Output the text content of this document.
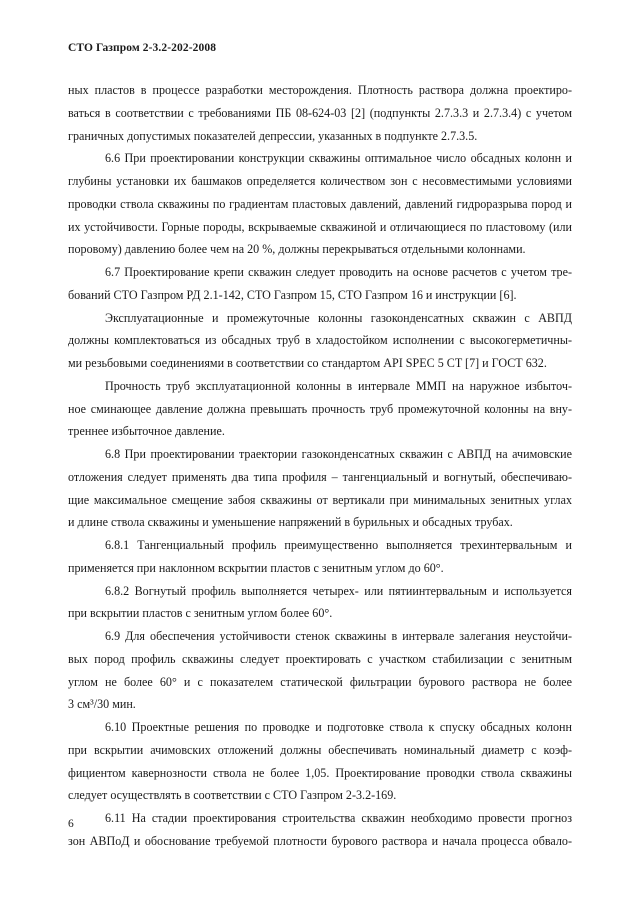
СТО Газпром 2-3.2-202-2008
ных пластов в процессе разработки месторождения. Плотность раствора должна проектиро-
ваться в соответствии с требованиями ПБ 08-624-03 [2] (подпункты 2.7.3.3 и 2.7.3.4) с учетом
граничных допустимых показателей депрессии, указанных в подпункте 2.7.3.5.
6.6 При проектировании конструкции скважины оптимальное число обсадных колонн и
глубины установки их башмаков определяется количеством зон с несовместимыми условиями
проводки ствола скважины по градиентам пластовых давлений, давлений гидроразрыва пород и
их устойчивости. Горные породы, вскрываемые скважиной и отличающиеся по пластовому (или
поровому) давлению более чем на 20 %, должны перекрываться отдельными колоннами.
6.7 Проектирование крепи скважин следует проводить на основе расчетов с учетом тре-
бований СТО Газпром РД 2.1-142, СТО Газпром 15, СТО Газпром 16 и инструкции [6].
Эксплуатационные и промежуточные колонны газоконденсатных скважин с АВПД
должны комплектоваться из обсадных труб в хладостойком исполнении с высокогерметичны-
ми резьбовыми соединениями в соответствии со стандартом API SPEC 5 CT [7] и ГОСТ 632.
Прочность труб эксплуатационной колонны в интервале ММП на наружное избыточ-
ное сминающее давление должна превышать прочность труб промежуточной колонны на вну-
треннее избыточное давление.
6.8 При проектировании траектории газоконденсатных скважин с АВПД на ачимовские
отложения следует применять два типа профиля – тангенциальный и вогнутый, обеспечиваю-
щие максимальное смещение забоя скважины от вертикали при минимальных зенитных углах
и длине ствола скважины и уменьшение напряжений в бурильных и обсадных трубах.
6.8.1 Тангенциальный профиль преимущественно выполняется трехинтервальным и
применяется при наклонном вскрытии пластов с зенитным углом до 60°.
6.8.2 Вогнутый профиль выполняется четырех- или пятиинтервальным и используется
при вскрытии пластов с зенитным углом более 60°.
6.9 Для обеспечения устойчивости стенок скважины в интервале залегания неустойчи-
вых пород профиль скважины следует проектировать с участком стабилизации с зенитным
углом не более 60° и с показателем статической фильтрации бурового раствора не более
3 см³/30 мин.
6.10 Проектные решения по проводке и подготовке ствола к спуску обсадных колонн
при вскрытии ачимовских отложений должны обеспечивать номинальный диаметр с коэф-
фициентом кавернозности ствола не более 1,05. Проектирование проводки ствола скважины
следует осуществлять в соответствии с СТО Газпром 2-3.2-169.
6.11 На стадии проектирования строительства скважин необходимо провести прогноз
зон АВПоД и обоснование требуемой плотности бурового раствора и начала процесса обвало-
6
